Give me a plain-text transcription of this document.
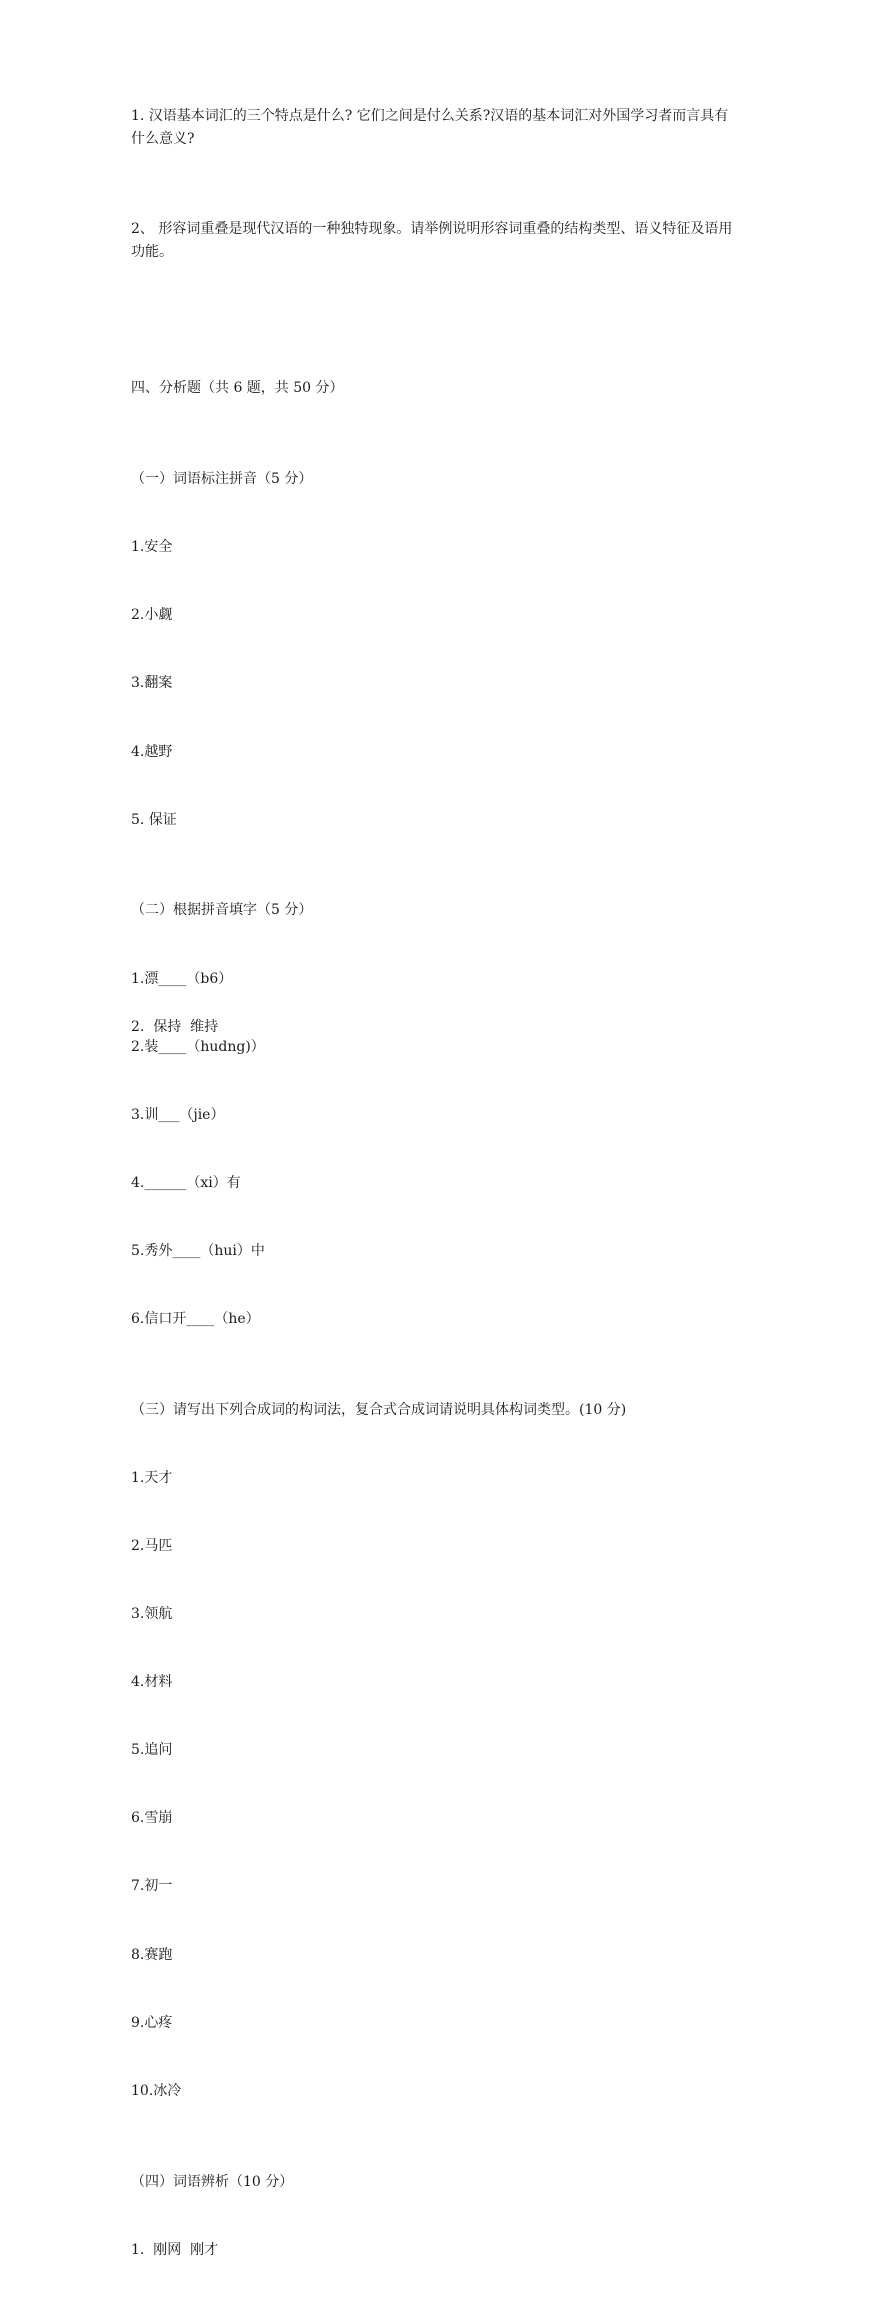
1. 汉语基本词汇的三个特点是什么? 它们之间是付么关系?汉语的基本词汇对外国学习者而言具有什么意义?
2、 形容词重叠是现代汉语的一种独特现象。请举例说明形容词重叠的结构类型、语义特征及语用功能。

四、分析题（共 6 题，共 50 分）

（一）词语标注拼音（5 分）

1.安全

2.小觑

3.翻案

4.越野

5. 保证

（二）根据拼音填字（5 分）

1.漂____（b6）

2.装____（hudng)）

3.训___（jie）

4.______（xi）有

5.秀外____（hui）中

6.信口开____（he）

（三）请写出下列合成词的构词法，复合式合成词请说明具体构词类型。(10 分)

1.天才

2.马匹

3.领航

4.材料

5.追问

6.雪崩

7.初一

8.赛跑

9.心疼

10.冰冷

（四）词语辨析（10 分）

1.  刚网  刚才

2.  保持  维持
